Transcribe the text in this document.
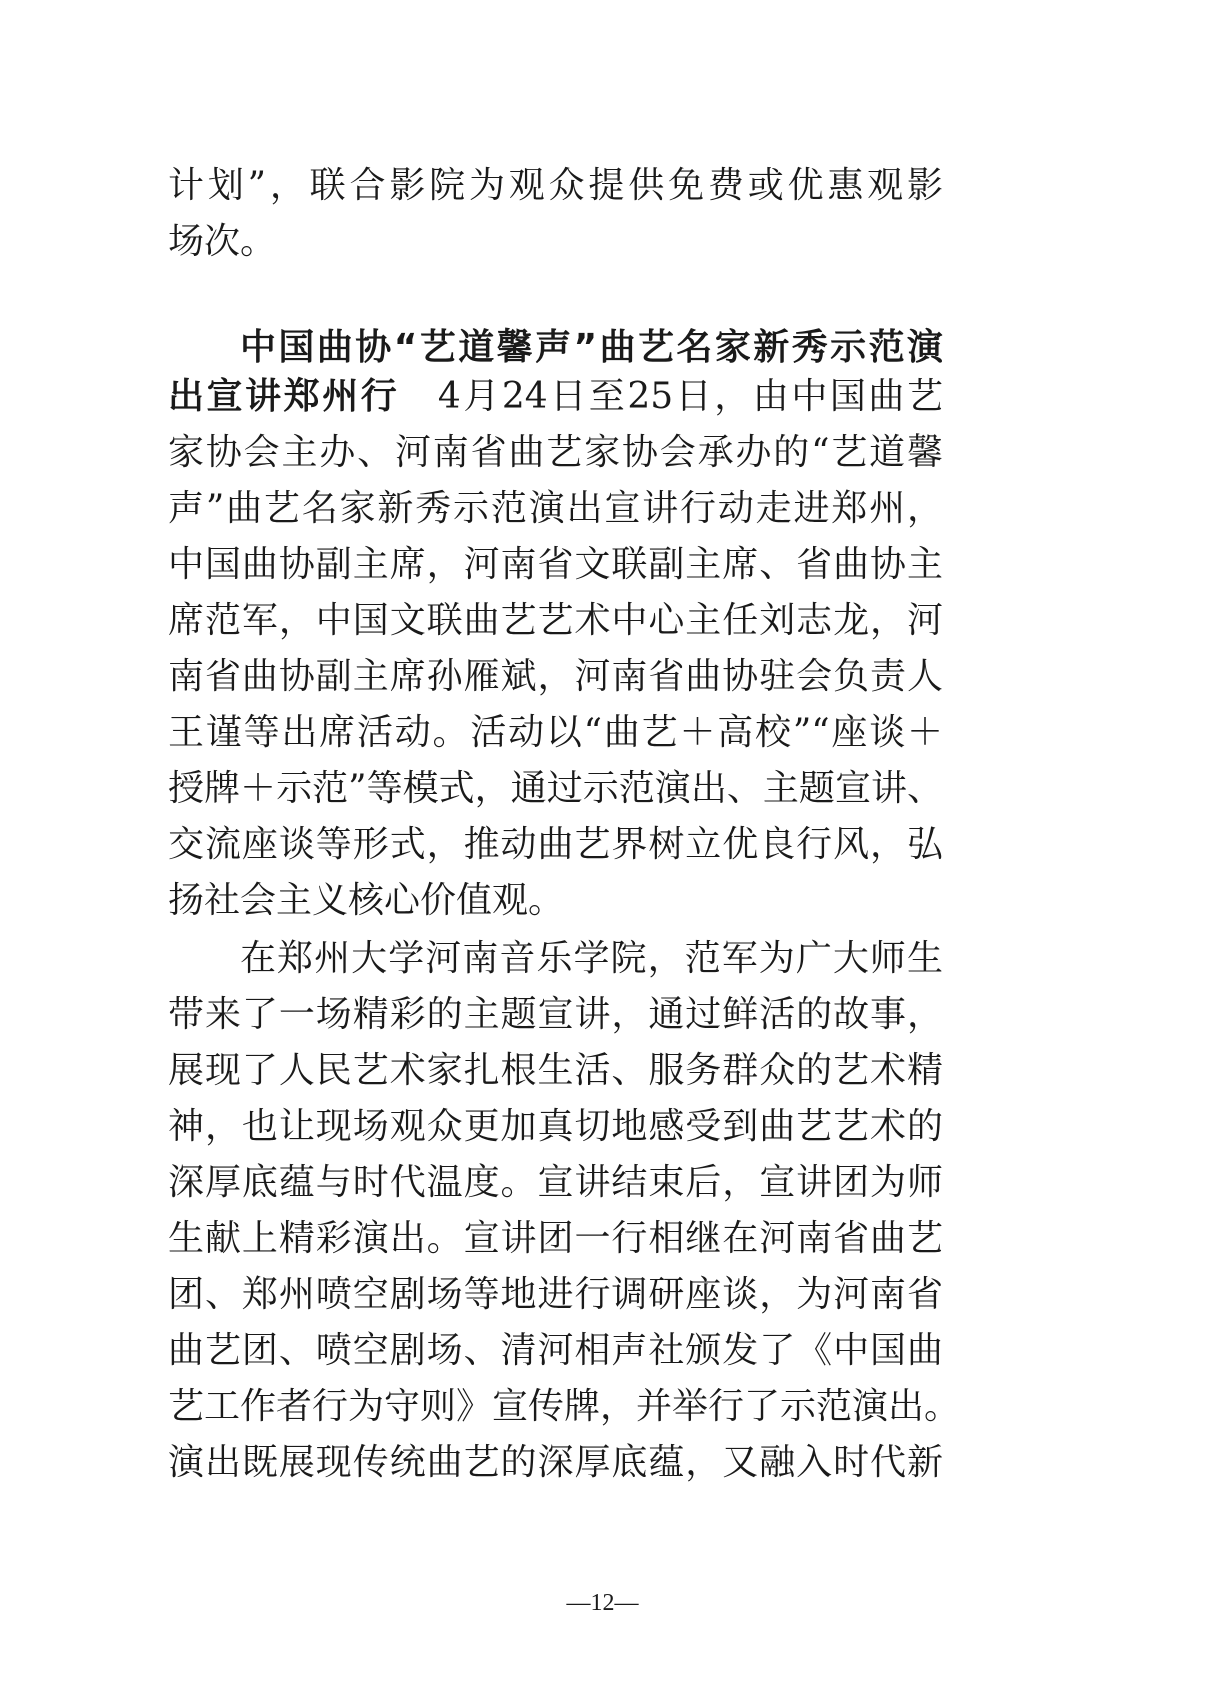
计划”，联合影院为观众提供免费或优惠观影
场次。
中国曲协“艺道馨声”曲艺名家新秀示范演
出宣讲郑州行　4月24日至25日，由中国曲艺
家协会主办、河南省曲艺家协会承办的“艺道馨
声”曲艺名家新秀示范演出宣讲行动走进郑州，
中国曲协副主席，河南省文联副主席、省曲协主
席范军，中国文联曲艺艺术中心主任刘志龙，河
南省曲协副主席孙雁斌，河南省曲协驻会负责人
王谨等出席活动。活动以“曲艺＋高校”“座谈＋
授牌＋示范”等模式，通过示范演出、主题宣讲、
交流座谈等形式，推动曲艺界树立优良行风，弘
扬社会主义核心价值观。
在郑州大学河南音乐学院，范军为广大师生
带来了一场精彩的主题宣讲，通过鲜活的故事，
展现了人民艺术家扎根生活、服务群众的艺术精
神，也让现场观众更加真切地感受到曲艺艺术的
深厚底蕴与时代温度。宣讲结束后，宣讲团为师
生献上精彩演出。宣讲团一行相继在河南省曲艺
团、郑州喷空剧场等地进行调研座谈，为河南省
曲艺团、喷空剧场、清河相声社颁发了《中国曲
艺工作者行为守则》宣传牌，并举行了示范演出。
演出既展现传统曲艺的深厚底蕴，又融入时代新
—12—
